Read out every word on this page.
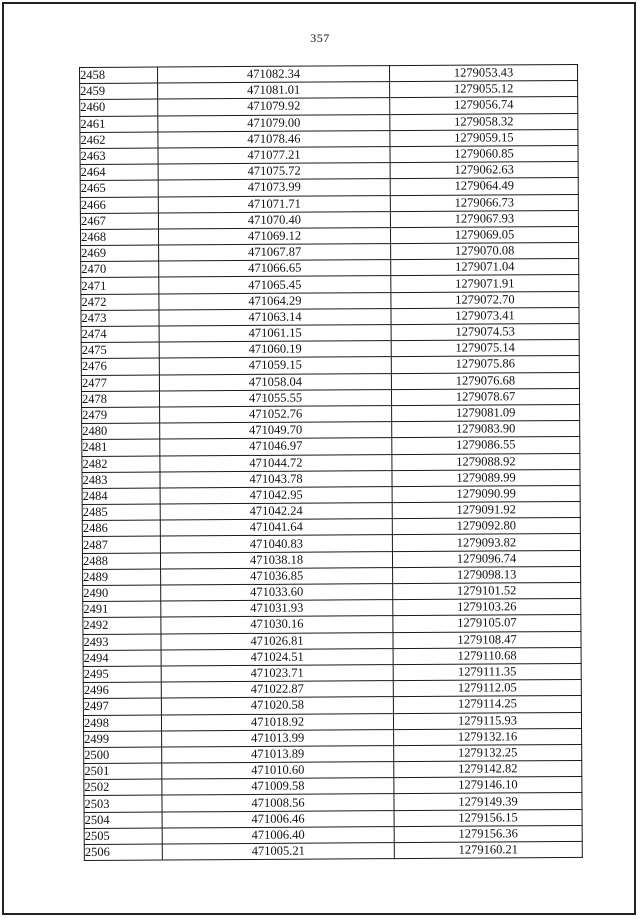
357
2458	471082.34	1279053.43
2459	471081.01	1279055.12
2460	471079.92	1279056.74
2461	471079.00	1279058.32
2462	471078.46	1279059.15
2463	471077.21	1279060.85
2464	471075.72	1279062.63
2465	471073.99	1279064.49
2466	471071.71	1279066.73
2467	471070.40	1279067.93
2468	471069.12	1279069.05
2469	471067.87	1279070.08
2470	471066.65	1279071.04
2471	471065.45	1279071.91
2472	471064.29	1279072.70
2473	471063.14	1279073.41
2474	471061.15	1279074.53
2475	471060.19	1279075.14
2476	471059.15	1279075.86
2477	471058.04	1279076.68
2478	471055.55	1279078.67
2479	471052.76	1279081.09
2480	471049.70	1279083.90
2481	471046.97	1279086.55
2482	471044.72	1279088.92
2483	471043.78	1279089.99
2484	471042.95	1279090.99
2485	471042.24	1279091.92
2486	471041.64	1279092.80
2487	471040.83	1279093.82
2488	471038.18	1279096.74
2489	471036.85	1279098.13
2490	471033.60	1279101.52
2491	471031.93	1279103.26
2492	471030.16	1279105.07
2493	471026.81	1279108.47
2494	471024.51	1279110.68
2495	471023.71	1279111.35
2496	471022.87	1279112.05
2497	471020.58	1279114.25
2498	471018.92	1279115.93
2499	471013.99	1279132.16
2500	471013.89	1279132.25
2501	471010.60	1279142.82
2502	471009.58	1279146.10
2503	471008.56	1279149.39
2504	471006.46	1279156.15
2505	471006.40	1279156.36
2506	471005.21	1279160.21
